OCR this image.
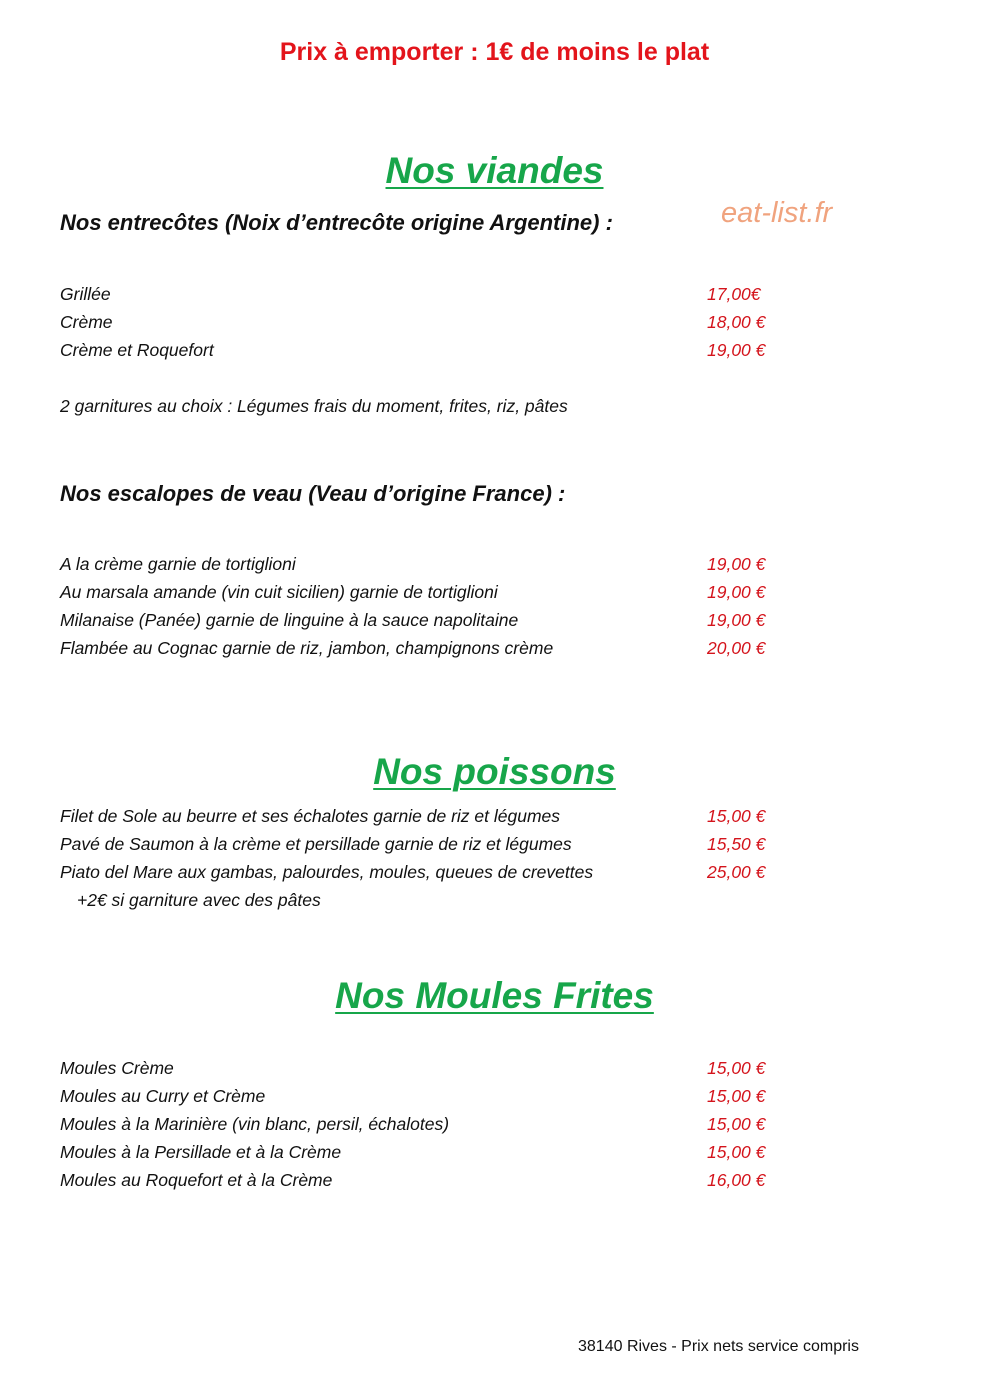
Prix à emporter : 1€ de moins le plat
Nos viandes
Nos entrecôtes (Noix d’entrecôte origine Argentine) :	eat-list.fr
Grillée	17,00€
Crème	18,00 €
Crème et Roquefort	19,00 €
2 garnitures au choix : Légumes frais du moment, frites, riz, pâtes
Nos escalopes de veau (Veau d’origine France) :
A la crème garnie de tortiglioni	19,00 €
Au marsala amande (vin cuit sicilien) garnie de tortiglioni	19,00 €
Milanaise (Panée) garnie de linguine à la sauce napolitaine	19,00 €
Flambée au Cognac garnie de riz, jambon, champignons crème	20,00 €
Nos poissons
Filet de Sole au beurre et ses échalotes garnie de riz et légumes	15,00 €
Pavé de Saumon à la crème et persillade garnie de riz et légumes	15,50 €
Piato del Mare aux gambas, palourdes, moules, queues de crevettes	25,00 €
+2€ si garniture avec des pâtes
Nos Moules Frites
Moules Crème	15,00 €
Moules au Curry et Crème	15,00 €
Moules à la Marinière (vin blanc, persil, échalotes)	15,00 €
Moules à la Persillade et à la Crème	15,00 €
Moules au Roquefort et à la Crème	16,00 €
38140 Rives - Prix nets service compris
